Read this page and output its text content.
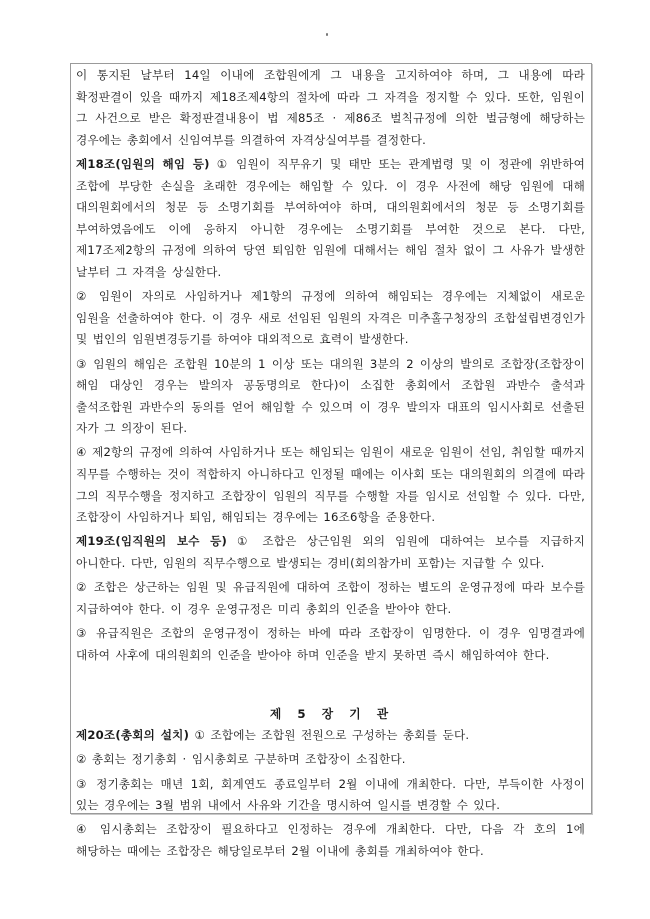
이 통지된 날부터 14일 이내에 조합원에게 그 내용을 고지하여야 하며, 그 내용에 따라 확정판결이 있을 때까지 제18조제4항의 절차에 따라 그 자격을 정지할 수 있다. 또한, 임원이 그 사건으로 받은 확정판결내용이 법 제85조 · 제86조 벌칙규정에 의한 벌금형에 해당하는 경우에는 총회에서 신임여부를 의결하여 자격상실여부를 결정한다.

제18조(임원의 해임 등) ① 임원이 직무유기 및 태만 또는 관계법령 및 이 정관에 위반하여 조합에 부당한 손실을 초래한 경우에는 해임할 수 있다. 이 경우 사전에 해당 임원에 대해 대의원회에서의 청문 등 소명기회를 부여하여야 하며, 대의원회에서의 청문 등 소명기회를 부여하였음에도 이에 응하지 아니한 경우에는 소명기회를 부여한 것으로 본다. 다만, 제17조제2항의 규정에 의하여 당연 퇴임한 임원에 대해서는 해임 절차 없이 그 사유가 발생한 날부터 그 자격을 상실한다.

② 임원이 자의로 사임하거나 제1항의 규정에 의하여 해임되는 경우에는 지체없이 새로운 임원을 선출하여야 한다. 이 경우 새로 선임된 임원의 자격은 미추홀구청장의 조합설립변경인가 및 법인의 임원변경등기를 하여야 대외적으로 효력이 발생한다.

③ 임원의 해임은 조합원 10분의 1 이상 또는 대의원 3분의 2 이상의 발의로 조합장(조합장이 해임 대상인 경우는 발의자 공동명의로 한다)이 소집한 총회에서 조합원 과반수 출석과 출석조합원 과반수의 동의를 얻어 해임할 수 있으며 이 경우 발의자 대표의 임시사회로 선출된 자가 그 의장이 된다.

④ 제2항의 규정에 의하여 사임하거나 또는 해임되는 임원이 새로운 임원이 선임, 취임할 때까지 직무를 수행하는 것이 적합하지 아니하다고 인정될 때에는 이사회 또는 대의원회의 의결에 따라 그의 직무수행을 정지하고 조합장이 임원의 직무를 수행할 자를 임시로 선임할 수 있다. 다만, 조합장이 사임하거나 퇴임, 해임되는 경우에는 16조6항을 준용한다.

제19조(임직원의 보수 등) ① 조합은 상근임원 외의 임원에 대하여는 보수를 지급하지 아니한다. 다만, 임원의 직무수행으로 발생되는 경비(회의참가비 포함)는 지급할 수 있다.

② 조합은 상근하는 임원 및 유급직원에 대하여 조합이 정하는 별도의 운영규정에 따라 보수를 지급하여야 한다. 이 경우 운영규정은 미리 총회의 인준을 받아야 한다.

③ 유급직원은 조합의 운영규정이 정하는 바에 따라 조합장이 임명한다. 이 경우 임명결과에 대하여 사후에 대의원회의 인준을 받아야 하며 인준을 받지 못하면 즉시 해임하여야 한다.

제 5 장 기 관

제20조(총회의 설치) ① 조합에는 조합원 전원으로 구성하는 총회를 둔다.

② 총회는 정기총회 · 임시총회로 구분하며 조합장이 소집한다.

③ 정기총회는 매년 1회, 회계연도 종료일부터 2월 이내에 개최한다. 다만, 부득이한 사정이 있는 경우에는 3월 범위 내에서 사유와 기간을 명시하여 일시를 변경할 수 있다.

④ 임시총회는 조합장이 필요하다고 인정하는 경우에 개최한다. 다만, 다음 각 호의 1에 해당하는 때에는 조합장은 해당일로부터 2월 이내에 총회를 개최하여야 한다.
